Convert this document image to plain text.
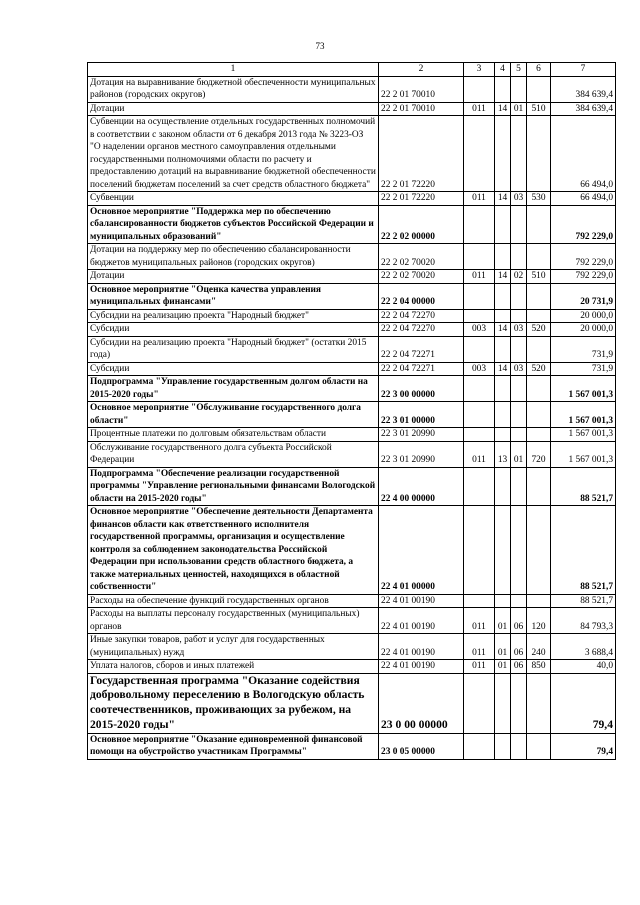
73
1	2	3	4	5	6	7
Дотация на выравнивание бюджетной обеспеченности муниципальных районов (городских округов)	22 2 01 70010					384 639,4
Дотации	22 2 01 70010	011	14	01	510	384 639,4
Субвенции на осуществление отдельных государственных полномочий в соответствии с законом области от 6 декабря 2013 года № 3223-ОЗ "О наделении органов местного самоуправления отдельными государственными полномочиями области по расчету и предоставлению дотаций на выравнивание бюджетной обеспеченности поселений бюджетам поселений за счет средств областного бюджета"	22 2 01 72220					66 494,0
Субвенции	22 2 01 72220	011	14	03	530	66 494,0
Основное мероприятие "Поддержка мер по обеспечению сбалансированности бюджетов субъектов Российской Федерации и муниципальных образований"	22 2 02 00000					792 229,0
Дотации на поддержку мер по обеспечению сбалансированности бюджетов муниципальных районов (городских округов)	22 2 02 70020					792 229,0
Дотации	22 2 02 70020	011	14	02	510	792 229,0
Основное мероприятие "Оценка качества управления муниципальных финансами"	22 2 04 00000					20 731,9
Субсидии на реализацию проекта "Народный бюджет"	22 2 04 72270					20 000,0
Субсидии	22 2 04 72270	003	14	03	520	20 000,0
Субсидии на реализацию проекта "Народный бюджет" (остатки 2015 года)	22 2 04 72271					731,9
Субсидии	22 2 04 72271	003	14	03	520	731,9
Подпрограмма "Управление государственным долгом области на 2015-2020 годы"	22 3 00 00000					1 567 001,3
Основное мероприятие "Обслуживание государственного долга области"	22 3 01 00000					1 567 001,3
Процентные платежи по долговым обязательствам области	22 3 01 20990					1 567 001,3
Обслуживание государственного долга субъекта Российской Федерации	22 3 01 20990	011	13	01	720	1 567 001,3
Подпрограмма "Обеспечение реализации государственной программы "Управление региональными финансами Вологодской области на 2015-2020 годы"	22 4 00 00000					88 521,7
Основное мероприятие "Обеспечение деятельности Департамента финансов области как ответственного исполнителя государственной программы, организация и осуществление контроля за соблюдением законодательства Российской Федерации при использовании средств областного бюджета, а также материальных ценностей, находящихся в областной собственности"	22 4 01 00000					88 521,7
Расходы на обеспечение функций государственных органов	22 4 01 00190					88 521,7
Расходы на выплаты персоналу государственных (муниципальных) органов	22 4 01 00190	011	01	06	120	84 793,3
Иные закупки товаров, работ и услуг для государственных (муниципальных) нужд	22 4 01 00190	011	01	06	240	3 688,4
Уплата налогов, сборов и иных платежей	22 4 01 00190	011	01	06	850	40,0
Государственная программа "Оказание содействия добровольному переселению в Вологодскую область соотечественников, проживающих за рубежом, на 2015-2020 годы"	23 0 00 00000					79,4
Основное мероприятие "Оказание единовременной финансовой помощи на обустройство участникам Программы"	23 0 05 00000					79,4
